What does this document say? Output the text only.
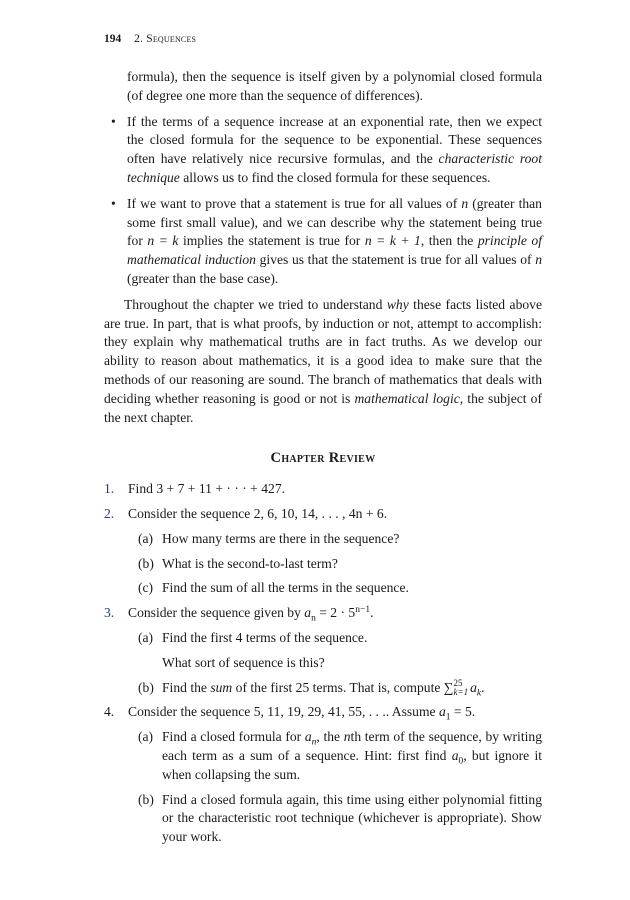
194 2. Sequences
formula), then the sequence is itself given by a polynomial closed formula (of degree one more than the sequence of differences).
• If the terms of a sequence increase at an exponential rate, then we expect the closed formula for the sequence to be exponential. These sequences often have relatively nice recursive formulas, and the characteristic root technique allows us to find the closed formula for these sequences.
• If we want to prove that a statement is true for all values of n (greater than some first small value), and we can describe why the statement being true for n = k implies the statement is true for n = k + 1, then the principle of mathematical induction gives us that the statement is true for all values of n (greater than the base case).
Throughout the chapter we tried to understand why these facts listed above are true. In part, that is what proofs, by induction or not, attempt to accomplish: they explain why mathematical truths are in fact truths. As we develop our ability to reason about mathematics, it is a good idea to make sure that the methods of our reasoning are sound. The branch of mathematics that deals with deciding whether reasoning is good or not is mathematical logic, the subject of the next chapter.
Chapter Review
1. Find 3 + 7 + 11 + · · · + 427.
2. Consider the sequence 2, 6, 10, 14, . . . , 4n + 6.
(a) How many terms are there in the sequence?
(b) What is the second-to-last term?
(c) Find the sum of all the terms in the sequence.
3. Consider the sequence given by $a_n = 2 \cdot 5^{n-1}$.
(a) Find the first 4 terms of the sequence.
What sort of sequence is this?
(b) Find the sum of the first 25 terms. That is, compute ∑ 25
k=1 $a_k$.
4. Consider the sequence 5, 11, 19, 29, 41, 55, . . .. Assume $a_1 = 5$.
(a) Find a closed formula for $a_n$, the nth term of the sequence, by writing each term as a sum of a sequence. Hint: first find $a_0$, but ignore it when collapsing the sum.
(b) Find a closed formula again, this time using either polynomial fitting or the characteristic root technique (whichever is appropriate). Show your work.
